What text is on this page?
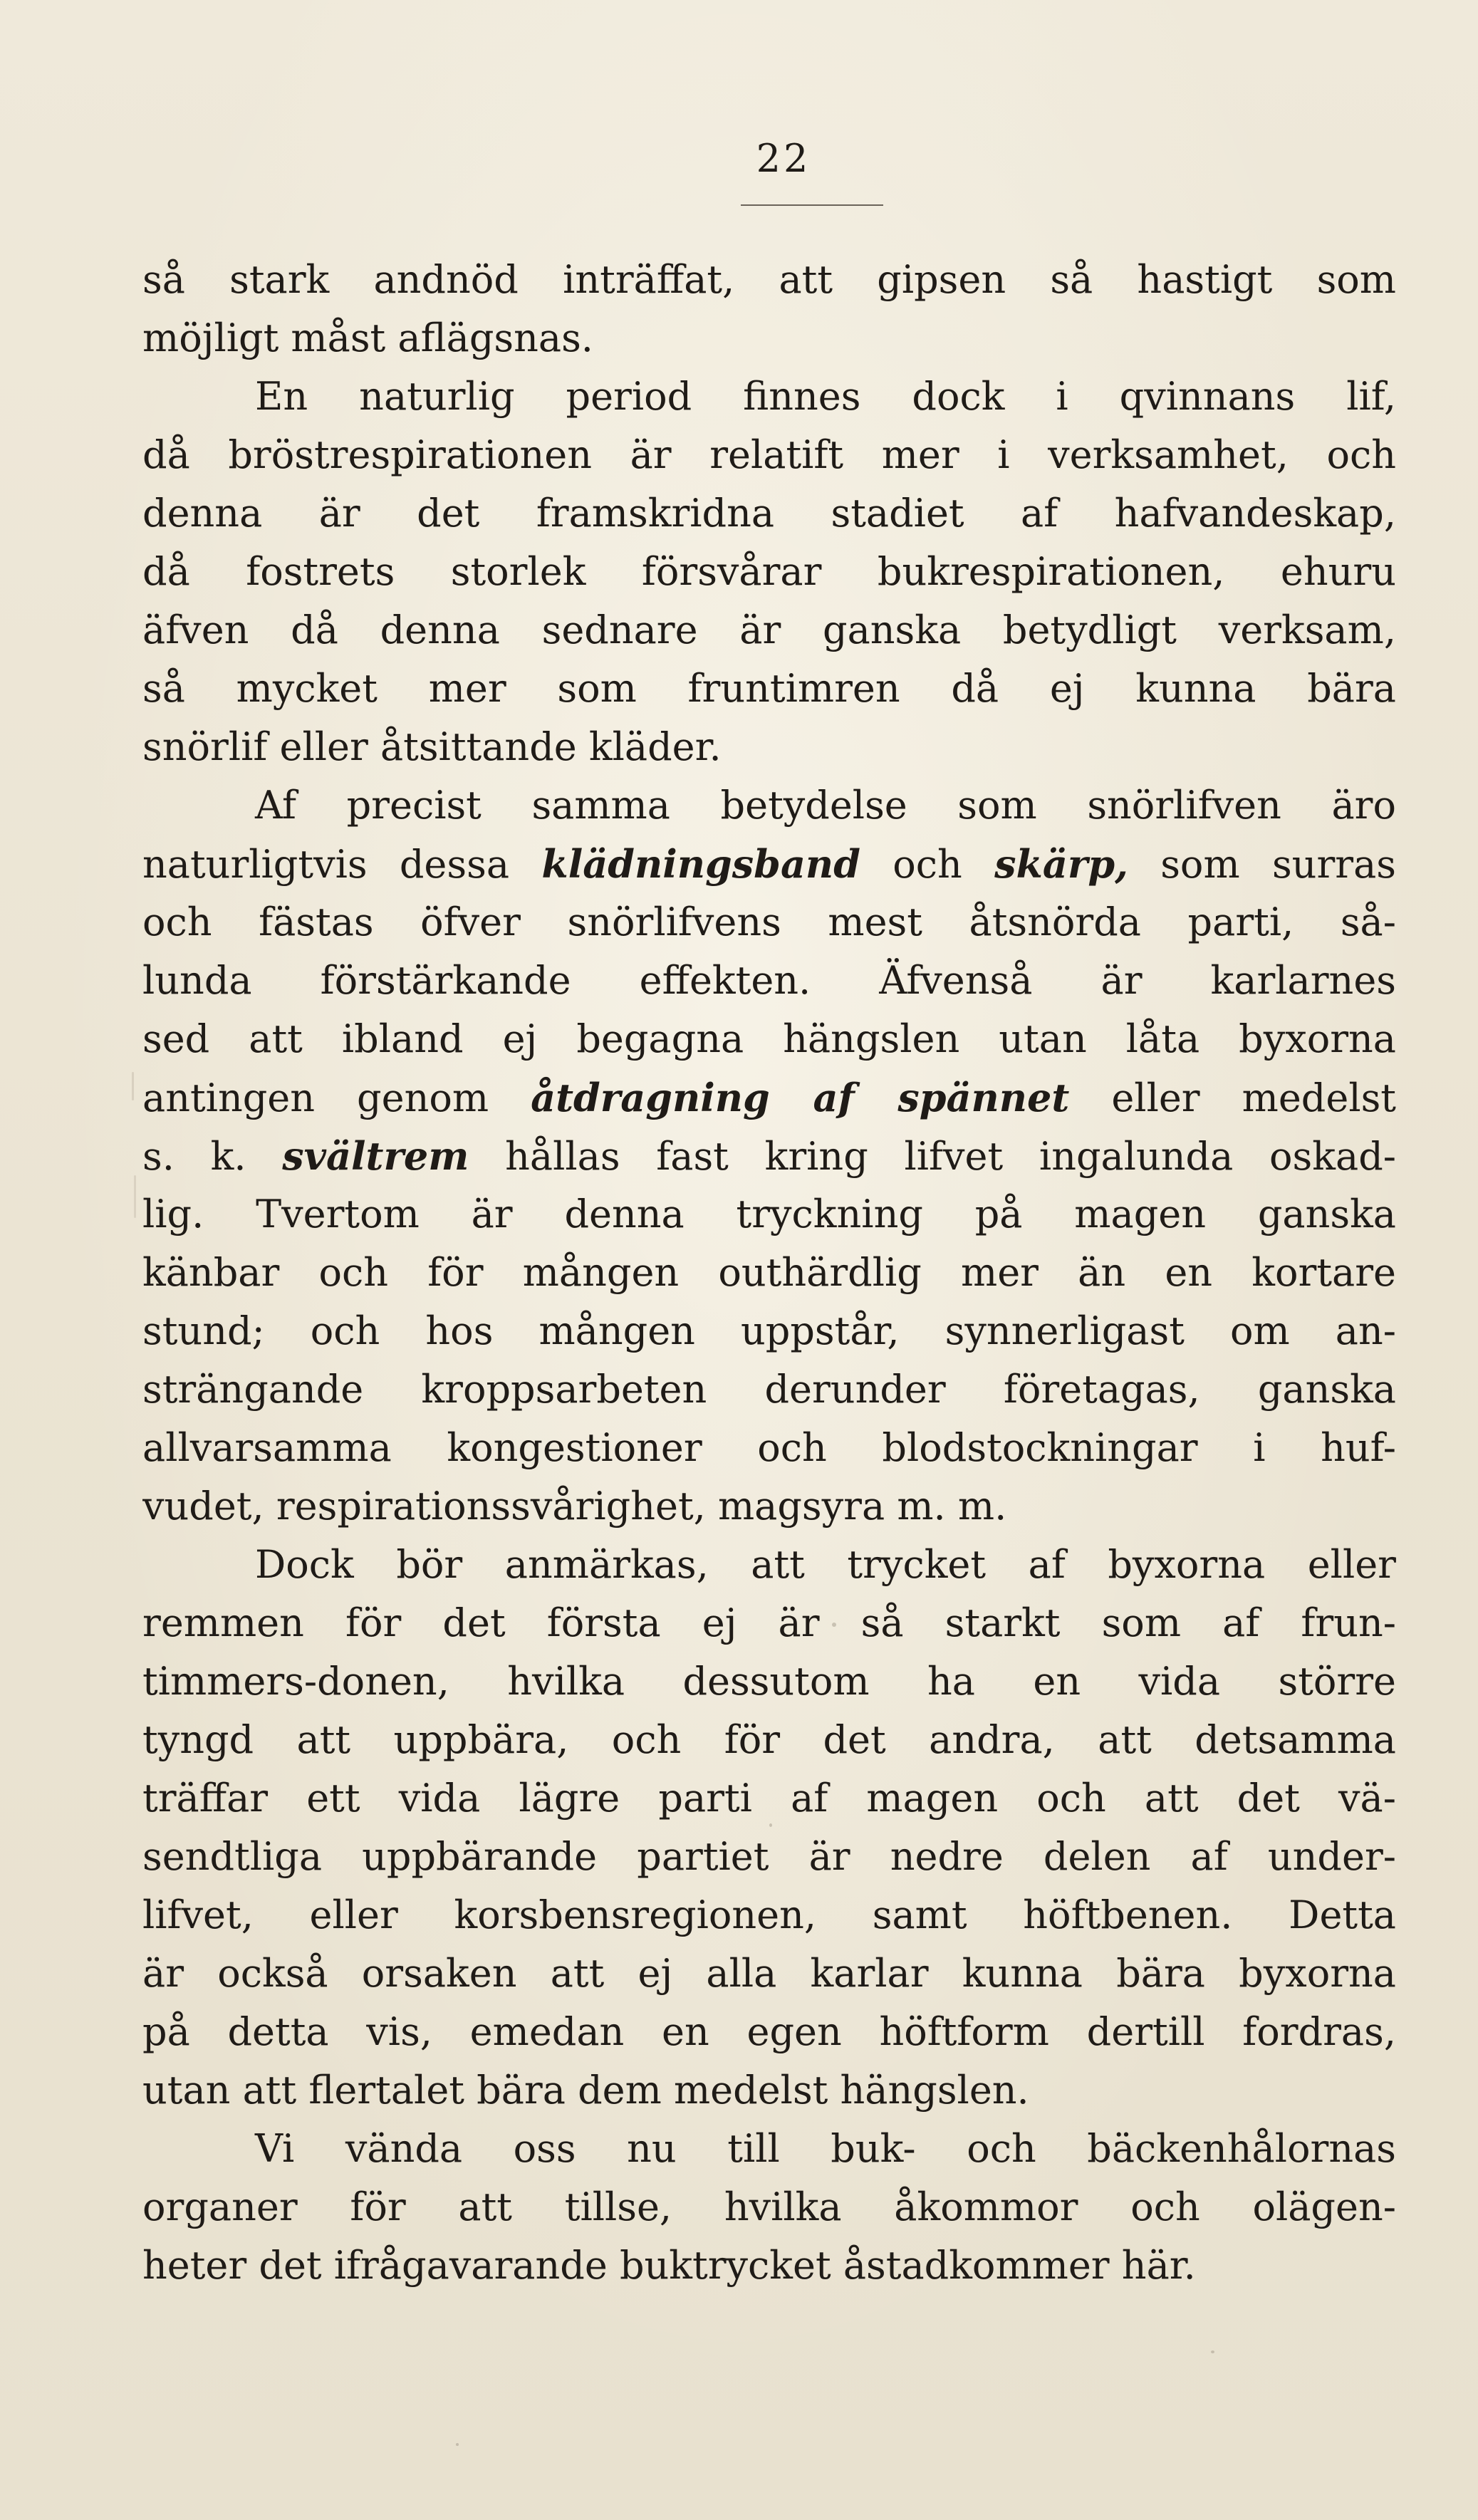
22
så stark andnöd inträffat, att gipsen så hastigt som
möjligt måst aflägsnas.
En naturlig period finnes dock i qvinnans lif,
då bröstrespirationen är relatift mer i verksamhet, och
denna är det framskridna stadiet af hafvandeskap,
då fostrets storlek försvårar bukrespirationen, ehuru
äfven då denna sednare är ganska betydligt verksam,
så mycket mer som fruntimren då ej kunna bära
snörlif eller åtsittande kläder.
Af precist samma betydelse som snörlifven äro
naturligtvis dessa klädningsband och skärp, som surras
och fästas öfver snörlifvens mest åtsnörda parti, så-
lunda förstärkande effekten. Äfvenså är karlarnes
sed att ibland ej begagna hängslen utan låta byxorna
antingen genom åtdragning af spännet eller medelst
s. k. svältrem hållas fast kring lifvet ingalunda oskad-
lig. Tvertom är denna tryckning på magen ganska
känbar och för mången outhärdlig mer än en kortare
stund; och hos mången uppstår, synnerligast om an-
strängande kroppsarbeten derunder företagas, ganska
allvarsamma kongestioner och blodstockningar i huf-
vudet, respirationssvårighet, magsyra m. m.
Dock bör anmärkas, att trycket af byxorna eller
remmen för det första ej är så starkt som af frun-
timmers-donen, hvilka dessutom ha en vida större
tyngd att uppbära, och för det andra, att detsamma
träffar ett vida lägre parti af magen och att det vä-
sendtliga uppbärande partiet är nedre delen af under-
lifvet, eller korsbensregionen, samt höftbenen. Detta
är också orsaken att ej alla karlar kunna bära byxorna
på detta vis, emedan en egen höftform dertill fordras,
utan att flertalet bära dem medelst hängslen.
Vi vända oss nu till buk- och bäckenhålornas
organer för att tillse, hvilka åkommor och olägen-
heter det ifrågavarande buktrycket åstadkommer här.
